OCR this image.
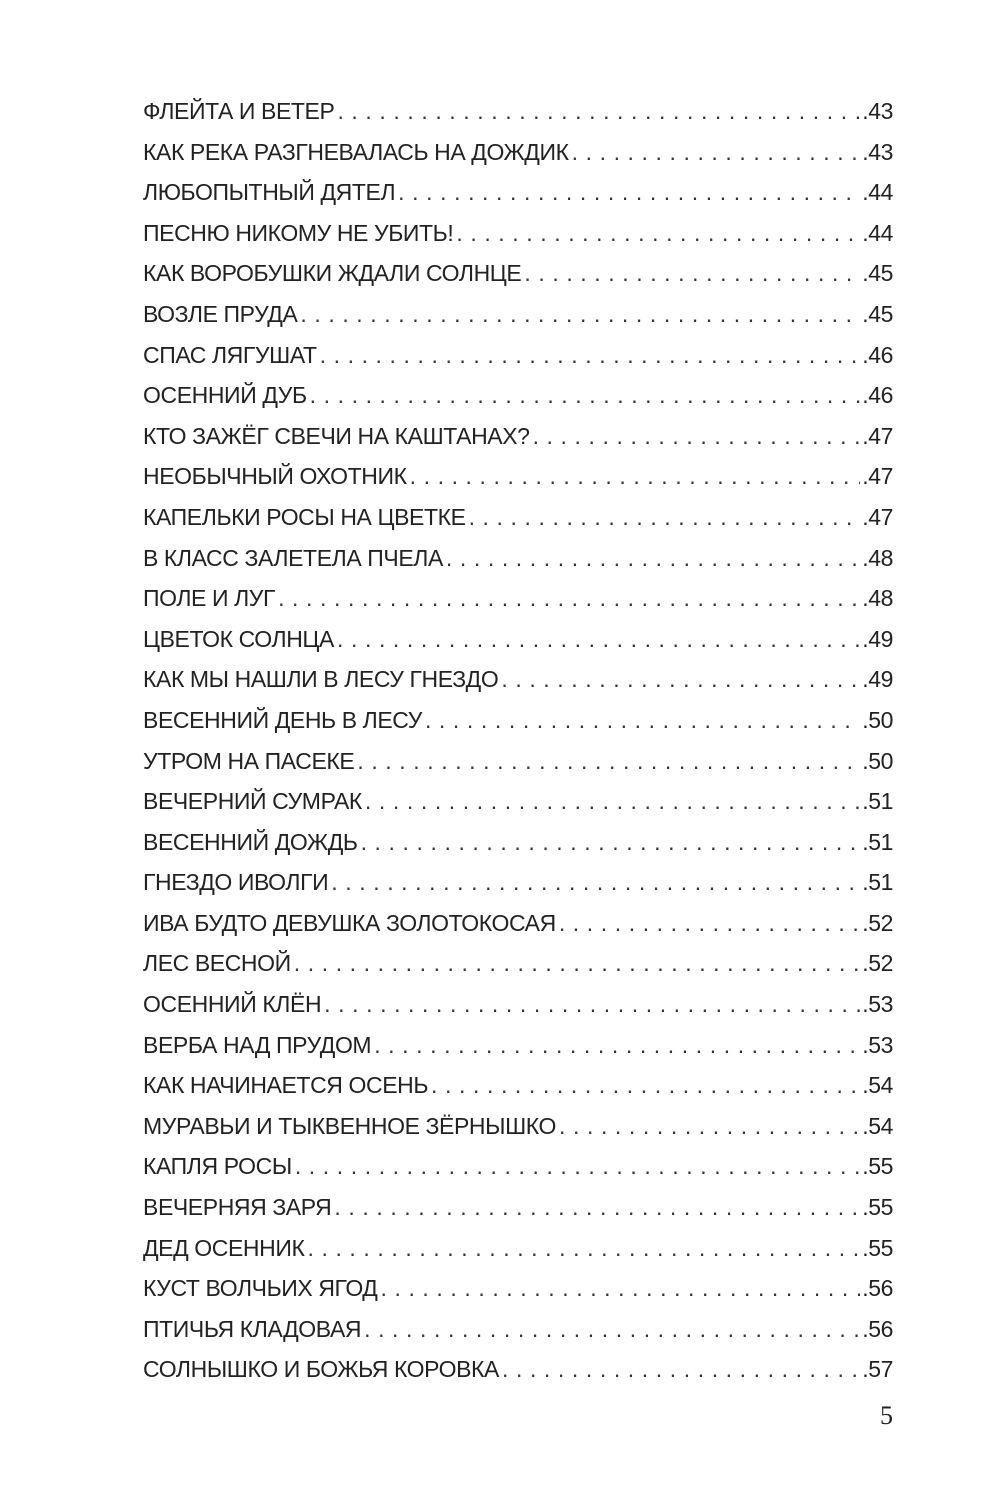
ФЛЕЙТА И ВЕТЕР . . .	.43
КАК РЕКА РАЗГНЕВАЛАСЬ НА ДОЖДИК . . .	.43
ЛЮБОПЫТНЫЙ ДЯТЕЛ . . .	.44
ПЕСНЮ НИКОМУ НЕ УБИТЬ! . . .	.44
КАК ВОРОБУШКИ ЖДАЛИ СОЛНЦЕ . . .	.45
ВОЗЛЕ ПРУДА . . .	.45
СПАС ЛЯГУШАТ . . .	.46
ОСЕННИЙ ДУБ . . .	.46
КТО ЗАЖЁГ СВЕЧИ НА КАШТАНАХ? . . .	.47
НЕОБЫЧНЫЙ ОХОТНИК . . .	.47
КАПЕЛЬКИ РОСЫ НА ЦВЕТКЕ . . .	.47
В КЛАСС ЗАЛЕТЕЛА ПЧЕЛА . . .	.48
ПОЛЕ И ЛУГ . . .	.48
ЦВЕТОК СОЛНЦА . . .	.49
КАК МЫ НАШЛИ В ЛЕСУ ГНЕЗДО . . .	.49
ВЕСЕННИЙ ДЕНЬ В ЛЕСУ . . .	.50
УТРОМ НА ПАСЕКЕ . . .	.50
ВЕЧЕРНИЙ СУМРАК . . .	.51
ВЕСЕННИЙ ДОЖДЬ . . .	.51
ГНЕЗДО ИВОЛГИ . . .	.51
ИВА БУДТО ДЕВУШКА ЗОЛОТОКОСАЯ . . .	.52
ЛЕС ВЕСНОЙ . . .	.52
ОСЕННИЙ КЛЁН . . .	.53
ВЕРБА НАД ПРУДОМ . . .	.53
КАК НАЧИНАЕТСЯ ОСЕНЬ . . .	.54
МУРАВЬИ И ТЫКВЕННОЕ ЗЁРНЫШКО . . .	.54
КАПЛЯ РОСЫ . . .	.55
ВЕЧЕРНЯЯ ЗАРЯ . . .	.55
ДЕД ОСЕННИК . . .	.55
КУСТ ВОЛЧЬИХ ЯГОД . . .	.56
ПТИЧЬЯ КЛАДОВАЯ . . .	.56
СОЛНЫШКО И БОЖЬЯ КОРОВКА . . .	.57
5
